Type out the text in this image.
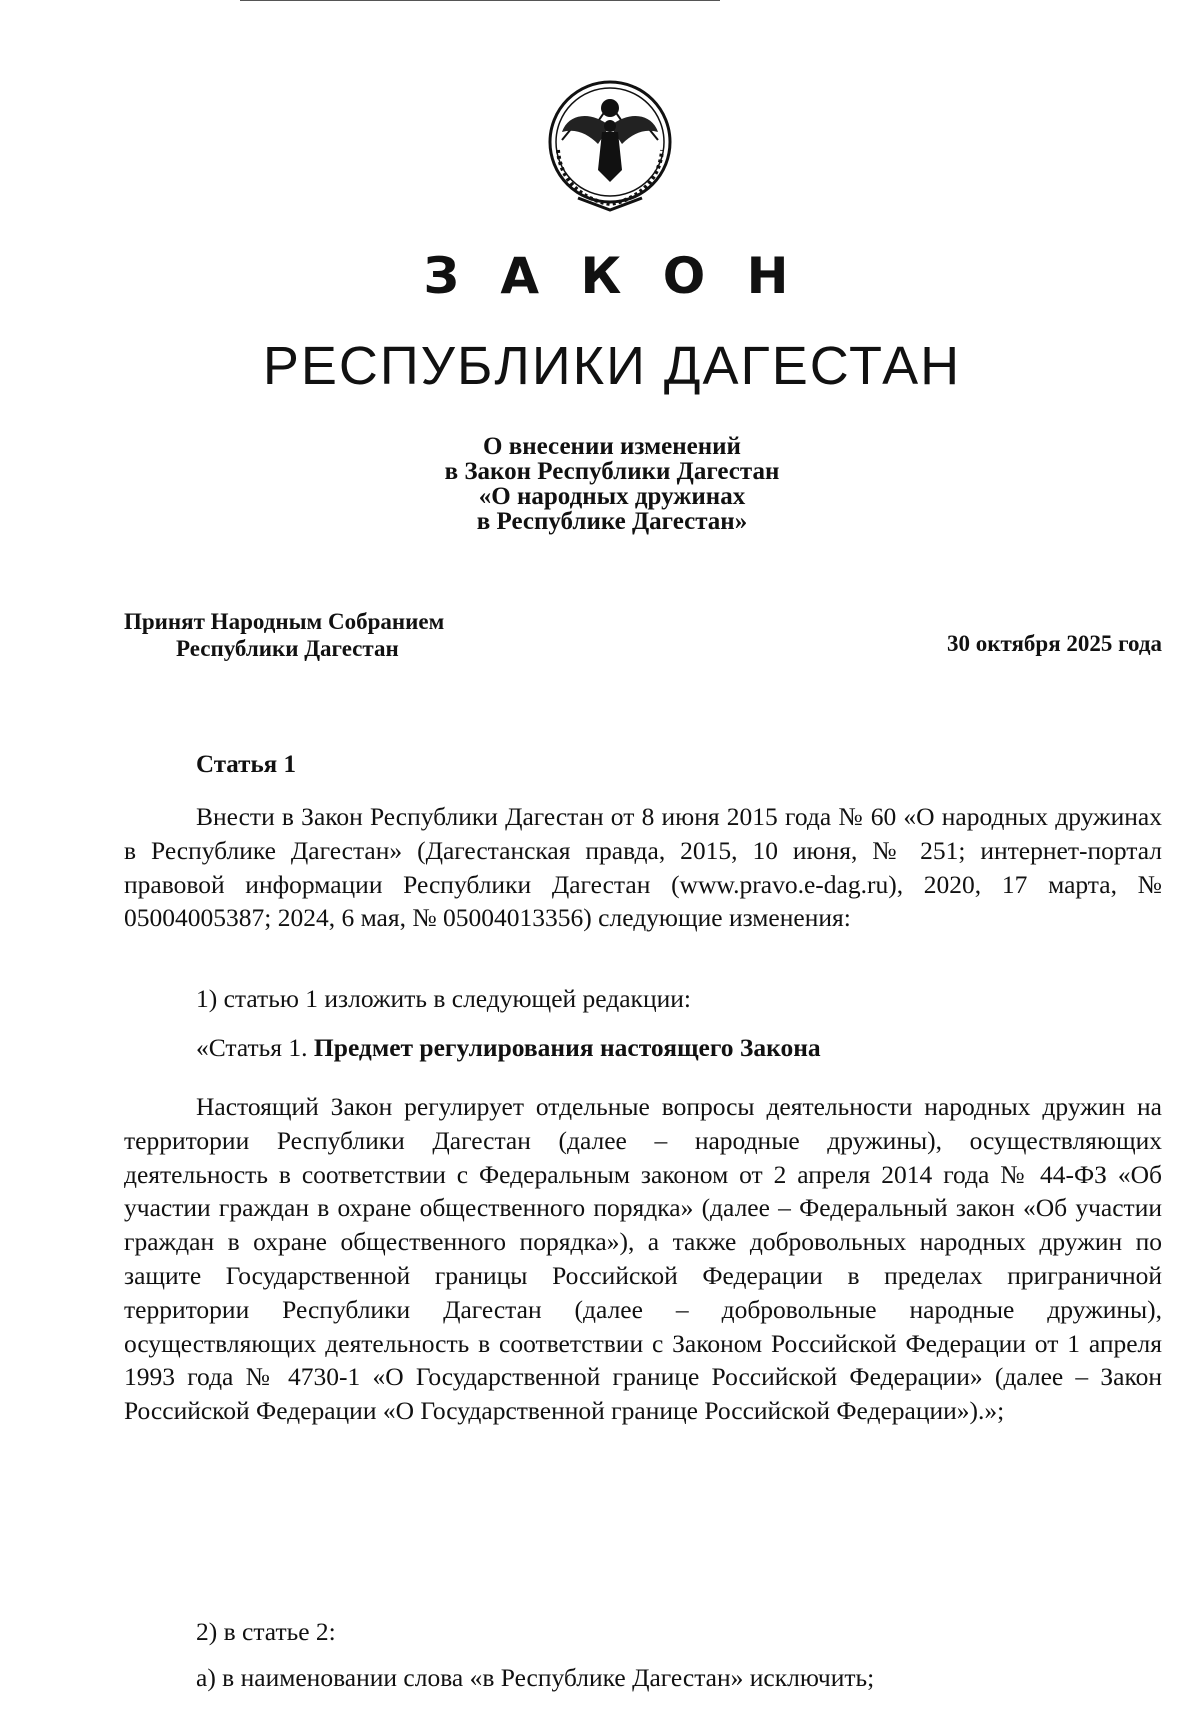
З А К О Н
РЕСПУБЛИКИ ДАГЕСТАН
О внесении изменений
в Закон Республики Дагестан
«О народных дружинах
в Республике Дагестан»
Принят Народным Собранием
Республики Дагестан	30 октября 2025 года
Статья 1
Внести в Закон Республики Дагестан от 8 июня 2015 года № 60 «О народных дружинах в Республике Дагестан» (Дагестанская правда, 2015, 10 июня, № 251; интернет-портал правовой информации Республики Дагестан (www.pravo.e-dag.ru), 2020, 17 марта, № 05004005387; 2024, 6 мая, № 05004013356) следующие изменения:
1) статью 1 изложить в следующей редакции:
«Статья 1. Предмет регулирования настоящего Закона
Настоящий Закон регулирует отдельные вопросы деятельности народных дружин на территории Республики Дагестан (далее – народные дружины), осуществляющих деятельность в соответствии с Федеральным законом от 2 апреля 2014 года № 44-ФЗ «Об участии граждан в охране общественного порядка» (далее – Федеральный закон «Об участии граждан в охране общественного порядка»), а также добровольных народных дружин по защите Государственной границы Российской Федерации в пределах приграничной территории Республики Дагестан (далее – добровольные народные дружины), осуществляющих деятельность в соответствии с Законом Российской Федерации от 1 апреля 1993 года № 4730-1 «О Государственной границе Российской Федерации» (далее – Закон Российской Федерации «О Государственной границе Российской Федерации»).»;
2) в статье 2:
а) в наименовании слова «в Республике Дагестан» исключить;
